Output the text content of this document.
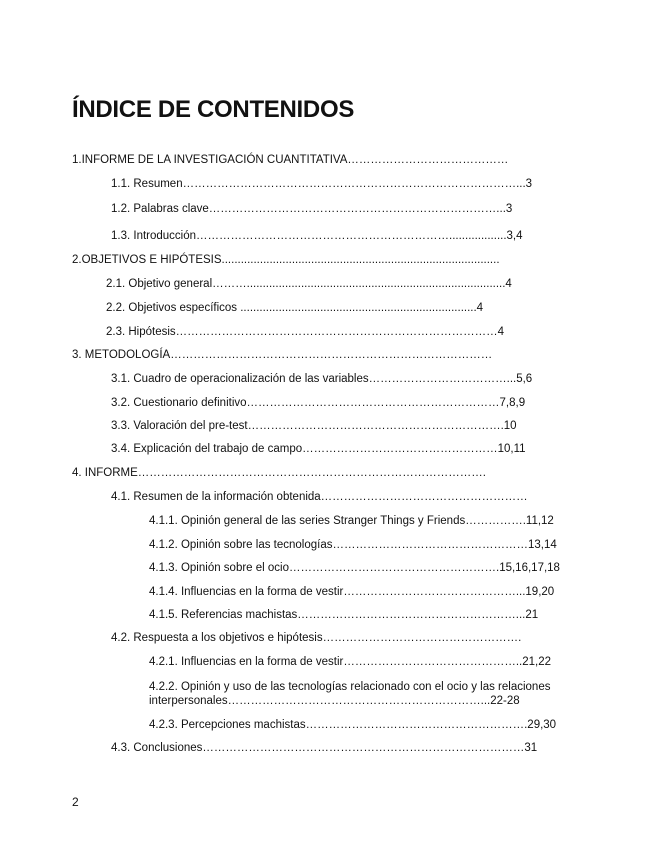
ÍNDICE DE CONTENIDOS
1.INFORME DE LA INVESTIGACIÓN CUANTITATIVA……………………………………
1.1. Resumen……………………………………………………………………………...3
1.2. Palabras clave…………………………………………………………………...3
1.3. Introducción…………………………………………………………..................3,4
2.OBJETIVOS E HIPÓTESIS.......................................................................................
2.1. Objetivo general……….................................................................................4
2.2. Objetivos específicos ..........................................................................4
2.3. Hipótesis…………………………………………………………………………4
3. METODOLOGÍA…………………………………………………………………………
3.1. Cuadro de operacionalización de las variables………………………………...5,6
3.2. Cuestionario definitivo…………………………………………………………7,8,9
3.3. Valoración del pre-test………………………………………………………….10
3.4. Explicación del trabajo de campo……………………………………………10,11
4. INFORME……………………………………………………………………………….
4.1. Resumen de la información obtenida………………………………………………
4.1.1. Opinión general de las series Stranger Things y Friends…………….11,12
4.1.2. Opinión sobre las tecnologías……………………………………………13,14
4.1.3. Opinión sobre el ocio……………………………………………….15,16,17,18
4.1.4. Influencias en la forma de vestir………………………………………...19,20
4.1.5. Referencias machistas…………………………………………………...21
4.2. Respuesta a los objetivos e hipótesis…………………………………………….
4.2.1. Influencias en la forma de vestir………………………………………..21,22
4.2.2. Opinión y uso de las tecnologías relacionado con el ocio y las relaciones interpersonales…………………………………………………………...22-28
4.2.3. Percepciones machistas………………………………………………….29,30
4.3. Conclusiones…………………………………………………………………………31
2
